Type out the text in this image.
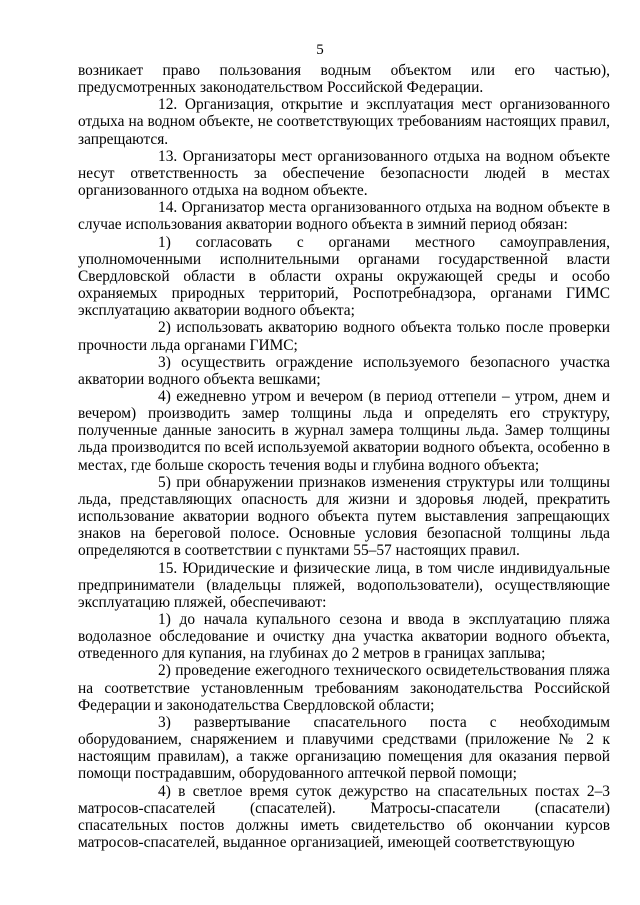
5

возникает право пользования водным объектом или его частью), предусмотренных законодательством Российской Федерации.

12. Организация, открытие и эксплуатация мест организованного отдыха на водном объекте, не соответствующих требованиям настоящих правил, запрещаются.

13. Организаторы мест организованного отдыха на водном объекте несут ответственность за обеспечение безопасности людей в местах организованного отдыха на водном объекте.

14. Организатор места организованного отдыха на водном объекте в случае использования акватории водного объекта в зимний период обязан:

1) согласовать с органами местного самоуправления, уполномоченными исполнительными органами государственной власти Свердловской области в области охраны окружающей среды и особо охраняемых природных территорий, Роспотребнадзора, органами ГИМС эксплуатацию акватории водного объекта;

2) использовать акваторию водного объекта только после проверки прочности льда органами ГИМС;

3) осуществить ограждение используемого безопасного участка акватории водного объекта вешками;

4) ежедневно утром и вечером (в период оттепели – утром, днем и вечером) производить замер толщины льда и определять его структуру, полученные данные заносить в журнал замера толщины льда. Замер толщины льда производится по всей используемой акватории водного объекта, особенно в местах, где больше скорость течения воды и глубина водного объекта;

5) при обнаружении признаков изменения структуры или толщины льда, представляющих опасность для жизни и здоровья людей, прекратить использование акватории водного объекта путем выставления запрещающих знаков на береговой полосе. Основные условия безопасной толщины льда определяются в соответствии с пунктами 55–57 настоящих правил.

15. Юридические и физические лица, в том числе индивидуальные предприниматели (владельцы пляжей, водопользователи), осуществляющие эксплуатацию пляжей, обеспечивают:

1) до начала купального сезона и ввода в эксплуатацию пляжа водолазное обследование и очистку дна участка акватории водного объекта, отведенного для купания, на глубинах до 2 метров в границах заплыва;

2) проведение ежегодного технического освидетельствования пляжа на соответствие установленным требованиям законодательства Российской Федерации и законодательства Свердловской области;

3) развертывание спасательного поста с необходимым оборудованием, снаряжением и плавучими средствами (приложение № 2 к настоящим правилам), а также организацию помещения для оказания первой помощи пострадавшим, оборудованного аптечкой первой помощи;

4) в светлое время суток дежурство на спасательных постах 2–3 матросов-спасателей (спасателей). Матросы-спасатели (спасатели) спасательных постов должны иметь свидетельство об окончании курсов матросов-спасателей, выданное организацией, имеющей соответствующую
